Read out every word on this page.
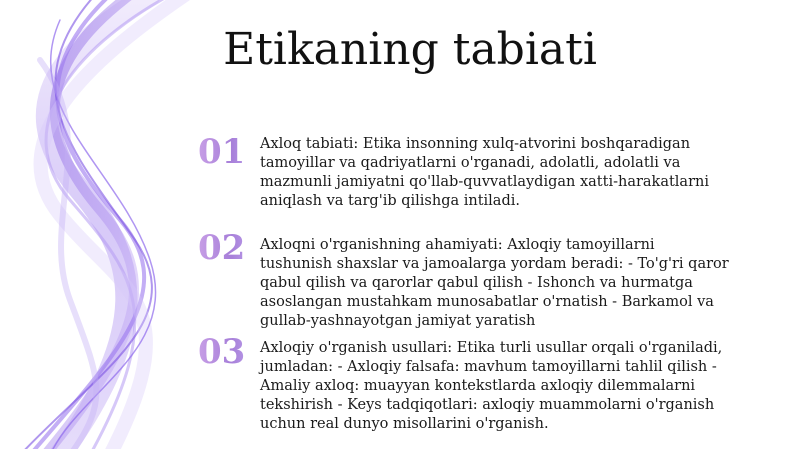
Etikaning tabiati
01	Axloq tabiati: Etika insonning xulq-atvorini boshqaradigan tamoyillar va qadriyatlarni o'rganadi, adolatli, adolatli va mazmunli jamiyatni qo'llab-quvvatlaydigan xatti-harakatlarni aniqlash va targ'ib qilishga intiladi.
02	Axloqni o'rganishning ahamiyati: Axloqiy tamoyillarni tushunish shaxslar va jamoalarga yordam beradi: - To'g'ri qaror qabul qilish va qarorlar qabul qilish - Ishonch va hurmatga asoslangan mustahkam munosabatlar o'rnatish - Barkamol va gullab-yashnayotgan jamiyat yaratish
03	Axloqiy o'rganish usullari: Etika turli usullar orqali o'rganiladi, jumladan: - Axloqiy falsafa: mavhum tamoyillarni tahlil qilish - Amaliy axloq: muayyan kontekstlarda axloqiy dilemmalarni tekshirish - Keys tadqiqotlari: axloqiy muammolarni o'rganish uchun real dunyo misollarini o'rganish.
